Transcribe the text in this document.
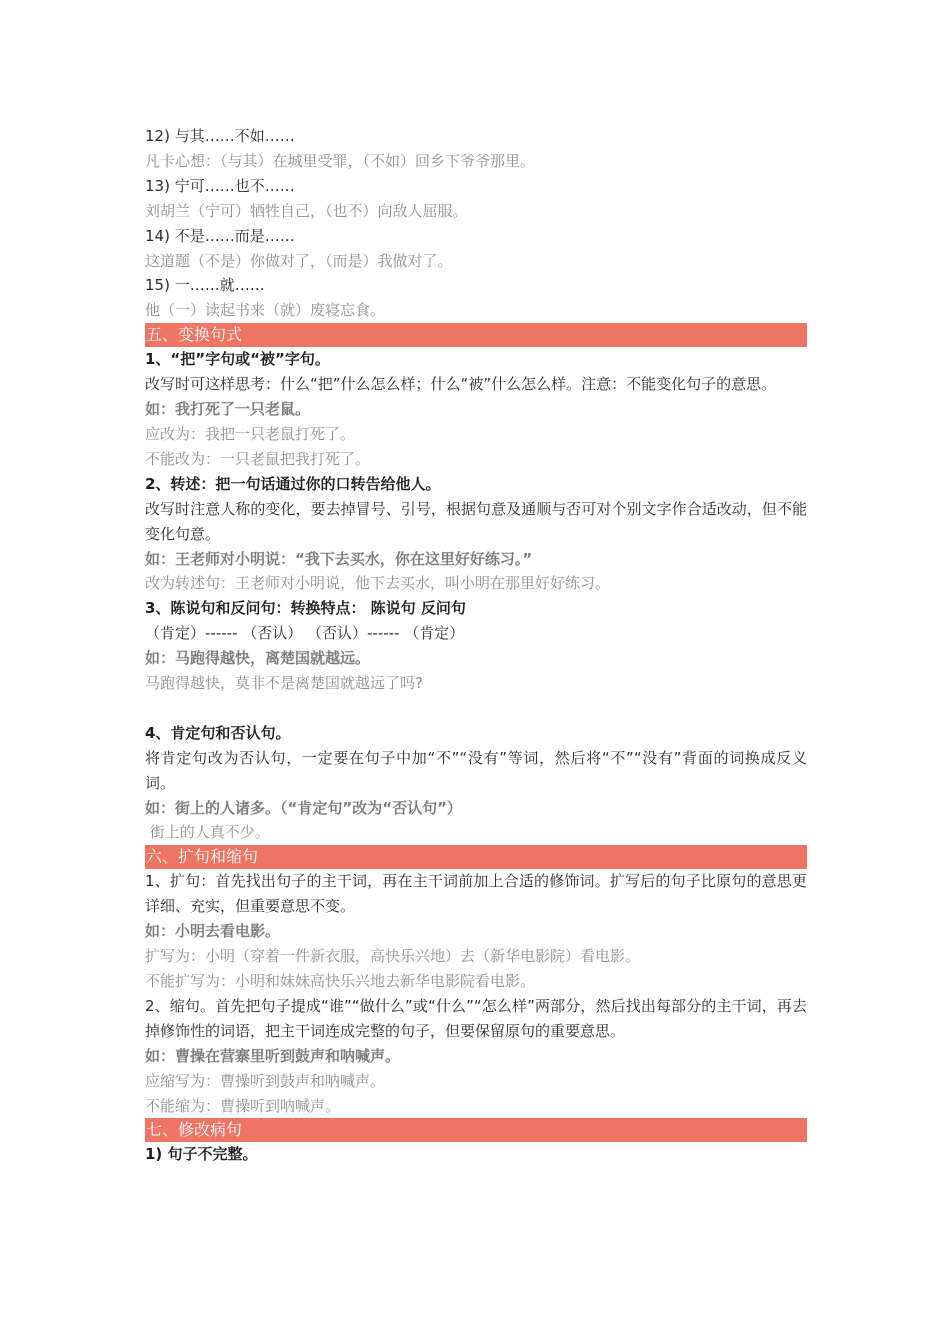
12) 与其……不如……
凡卡心想：（与其）在城里受罪，（不如）回乡下爷爷那里。
13) 宁可……也不……
刘胡兰（宁可）牺牲自己，（也不）向敌人屈服。
14) 不是……而是……
这道题（不是）你做对了，（而是）我做对了。
15) 一……就……
他（一）读起书来（就）废寝忘食。
五、变换句式
1、“把”字句或“被”字句。
改写时可这样思考：什么“把”什么怎么样；什么“被”什么怎么样。注意：不能变化句子的意思。
如：我打死了一只老鼠。
应改为：我把一只老鼠打死了。
不能改为：一只老鼠把我打死了。
2、转述：把一句话通过你的口转告给他人。
改写时注意人称的变化，要去掉冒号、引号，根据句意及通顺与否可对个别文字作合适改动，但不能变化句意。
如：王老师对小明说：“我下去买水，你在这里好好练习。”
改为转述句：王老师对小明说，他下去买水，叫小明在那里好好练习。
3、陈说句和反问句：转换特点： 陈说句 反问句
（肯定）------ （否认） （否认）------ （肯定）
如：马跑得越快，离楚国就越远。
马跑得越快，莫非不是离楚国就越远了吗?
4、肯定句和否认句。
将肯定句改为否认句，一定要在句子中加“不”“没有”等词，然后将“不”“没有”背面的词换成反义词。
如：街上的人诸多。（“肯定句”改为“否认句”）
街上的人真不少。
六、扩句和缩句
1、扩句：首先找出句子的主干词，再在主干词前加上合适的修饰词。扩写后的句子比原句的意思更详细、充实，但重要意思不变。
如：小明去看电影。
扩写为：小明（穿着一件新衣服，高快乐兴地）去（新华电影院）看电影。
不能扩写为：小明和妹妹高快乐兴地去新华电影院看电影。
2、缩句。首先把句子提成“谁”“做什么”或“什么”“怎么样”两部分，然后找出每部分的主干词，再去掉修饰性的词语，把主干词连成完整的句子，但要保留原句的重要意思。
如：曹操在营寨里听到鼓声和呐喊声。
应缩写为：曹操听到鼓声和呐喊声。
不能缩为：曹操听到呐喊声。
七、修改病句
1) 句子不完整。
